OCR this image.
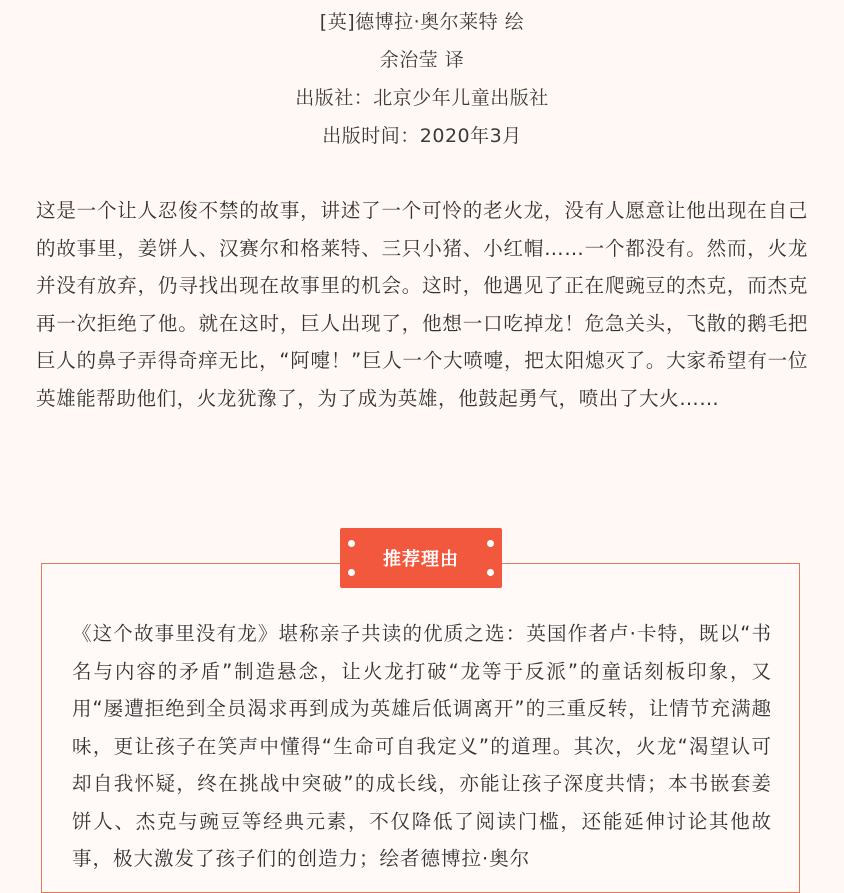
[英]德博拉·奥尔莱特 绘
余治莹 译
出版社：北京少年儿童出版社
出版时间：2020年3月

这是一个让人忍俊不禁的故事，讲述了一个可怜的老火龙，没有人愿意让他出现在自己的故事里，姜饼人、汉赛尔和格莱特、三只小猪、小红帽……一个都没有。然而，火龙并没有放弃，仍寻找出现在故事里的机会。这时，他遇见了正在爬豌豆的杰克，而杰克再一次拒绝了他。就在这时，巨人出现了，他想一口吃掉龙！危急关头，飞散的鹅毛把巨人的鼻子弄得奇痒无比，“阿嚏！”巨人一个大喷嚏，把太阳熄灭了。大家希望有一位英雄能帮助他们，火龙犹豫了，为了成为英雄，他鼓起勇气，喷出了大火……

推荐理由

《这个故事里没有龙》堪称亲子共读的优质之选：英国作者卢·卡特，既以“书名与内容的矛盾”制造悬念，让火龙打破“龙等于反派”的童话刻板印象，又用“屡遭拒绝到全员渴求再到成为英雄后低调离开”的三重反转，让情节充满趣味，更让孩子在笑声中懂得“生命可自我定义”的道理。其次，火龙“渴望认可却自我怀疑，终在挑战中突破”的成长线，亦能让孩子深度共情；本书嵌套姜饼人、杰克与豌豆等经典元素，不仅降低了阅读门槛，还能延伸讨论其他故事，极大激发了孩子们的创造力；绘者德博拉·奥尔
